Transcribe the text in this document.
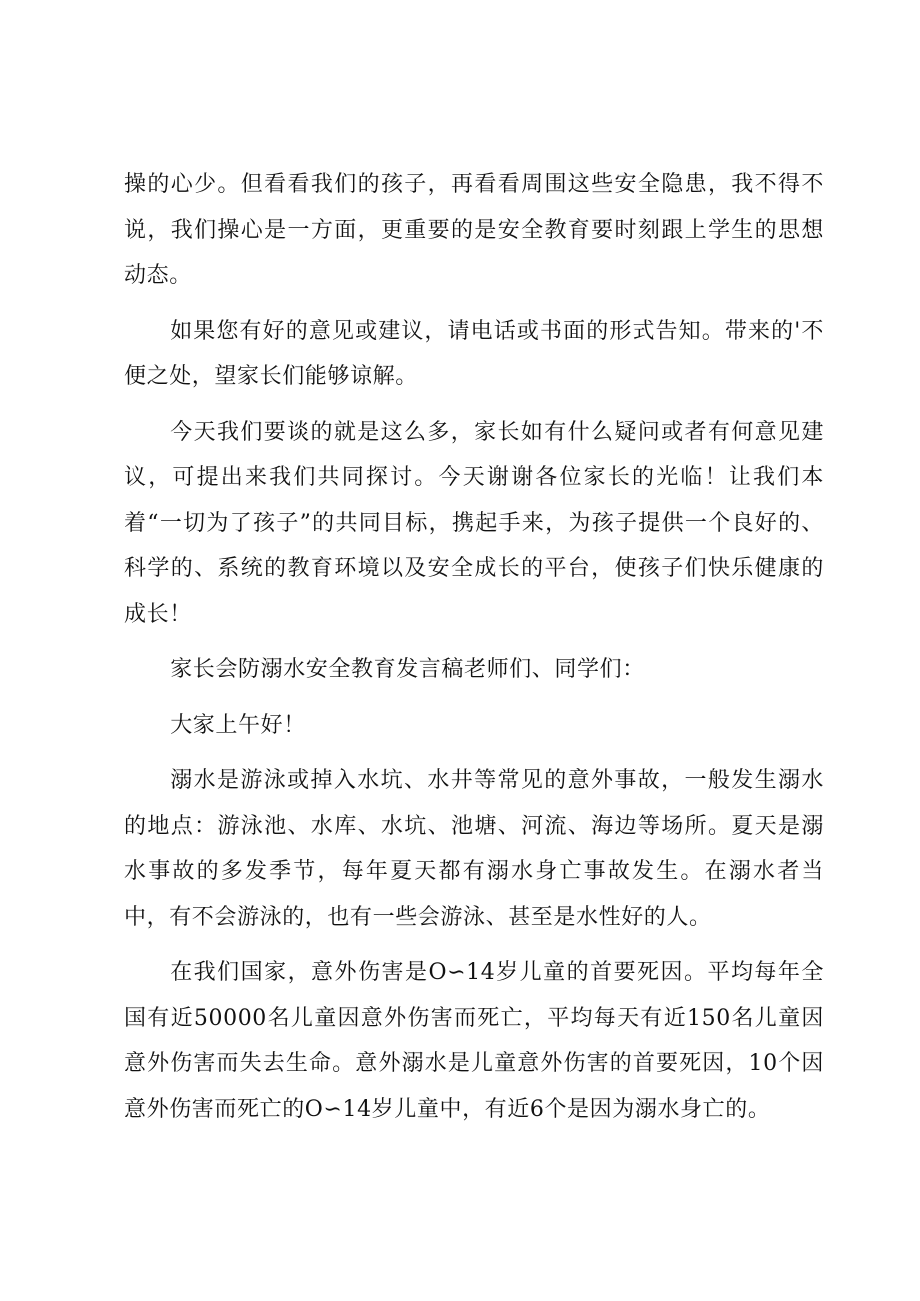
操的心少。但看看我们的孩子，再看看周围这些安全隐患，我不得不说，我们操心是一方面，更重要的是安全教育要时刻跟上学生的思想动态。

如果您有好的意见或建议，请电话或书面的形式告知。带来的'不便之处，望家长们能够谅解。

今天我们要谈的就是这么多，家长如有什么疑问或者有何意见建议，可提出来我们共同探讨。今天谢谢各位家长的光临！让我们本着“一切为了孩子”的共同目标，携起手来，为孩子提供一个良好的、科学的、系统的教育环境以及安全成长的平台，使孩子们快乐健康的成长！

家长会防溺水安全教育发言稿老师们、同学们：

大家上午好！

溺水是游泳或掉入水坑、水井等常见的意外事故，一般发生溺水的地点：游泳池、水库、水坑、池塘、河流、海边等场所。夏天是溺水事故的多发季节，每年夏天都有溺水身亡事故发生。在溺水者当中，有不会游泳的，也有一些会游泳、甚至是水性好的人。

在我们国家，意外伤害是O∽14岁儿童的首要死因。平均每年全国有近50000名儿童因意外伤害而死亡，平均每天有近150名儿童因意外伤害而失去生命。意外溺水是儿童意外伤害的首要死因，10个因意外伤害而死亡的O∽14岁儿童中，有近6个是因为溺水身亡的。
